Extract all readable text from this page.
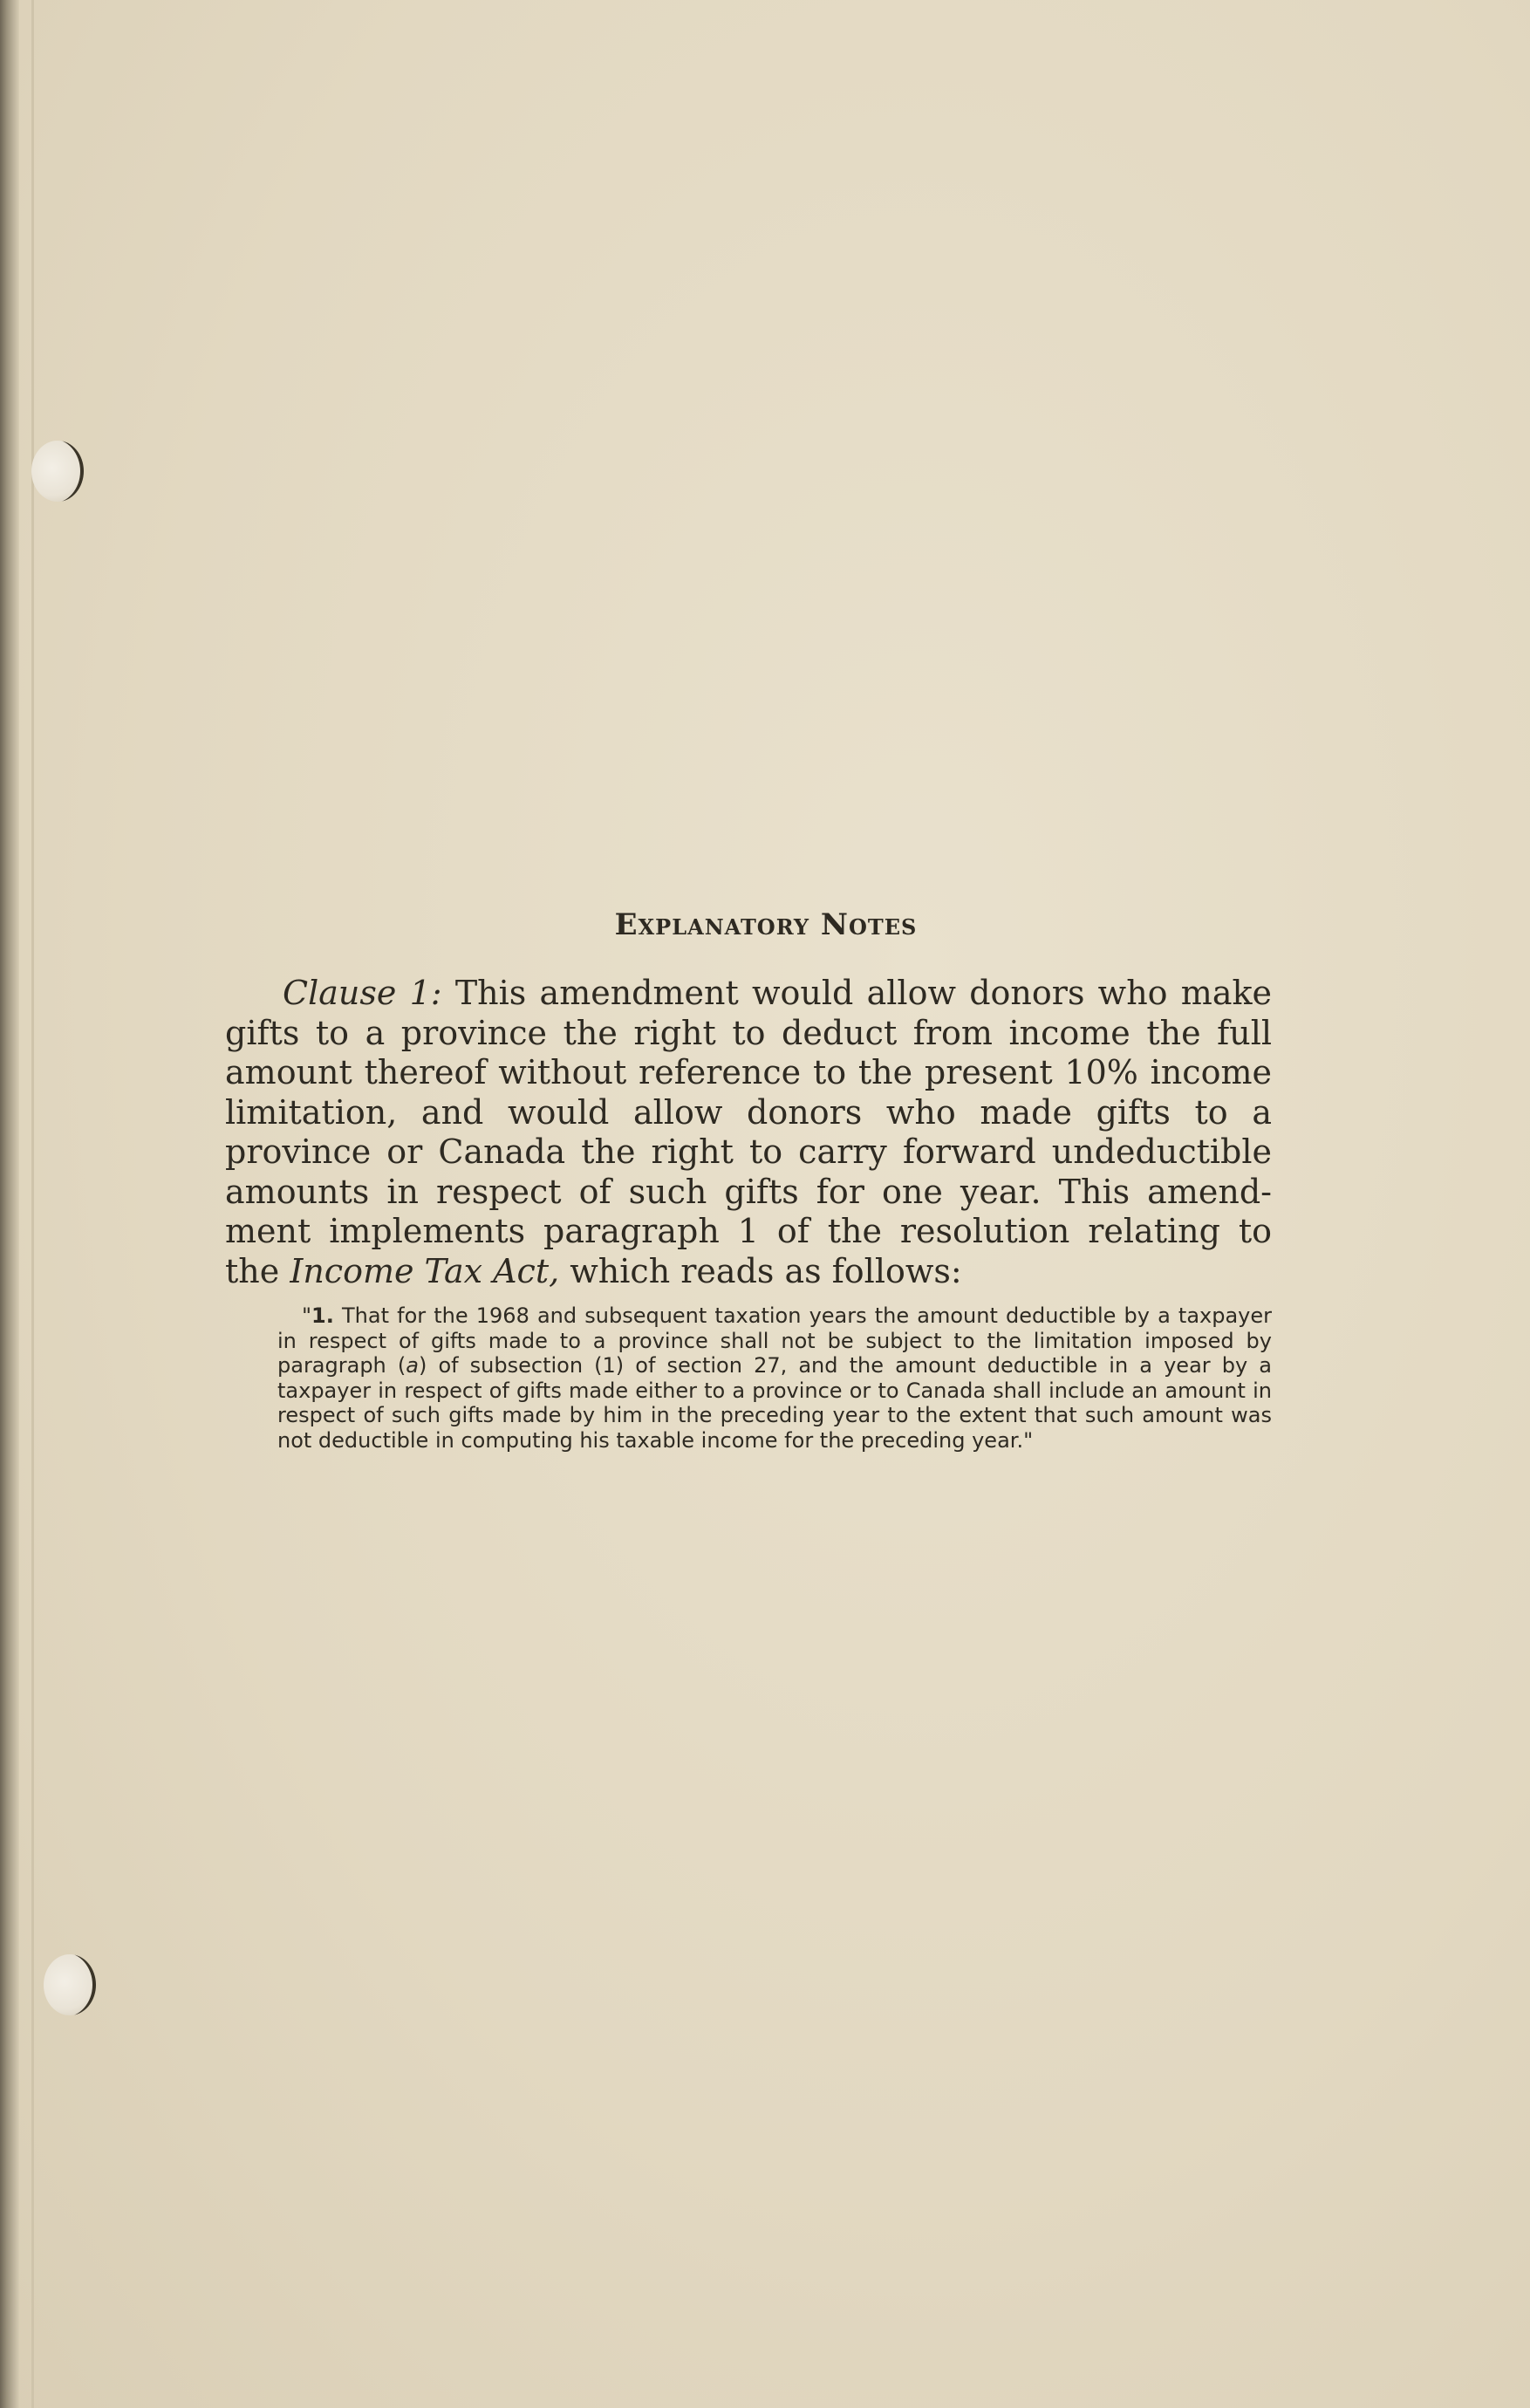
Explanatory Notes

Clause 1: This amendment would allow donors who make gifts to a province the right to deduct from income the full amount thereof without reference to the present 10% income limitation, and would allow donors who made gifts to a province or Canada the right to carry forward undeductible amounts in respect of such gifts for one year. This amend-ment implements paragraph 1 of the resolution relating to the Income Tax Act, which reads as follows:

"1. That for the 1968 and subsequent taxation years the amount deductible by a taxpayer in respect of gifts made to a province shall not be subject to the limitation imposed by paragraph (a) of subsection (1) of section 27, and the amount deductible in a year by a taxpayer in respect of gifts made either to a province or to Canada shall include an amount in respect of such gifts made by him in the preceding year to the extent that such amount was not deductible in computing his taxable income for the preceding year."
